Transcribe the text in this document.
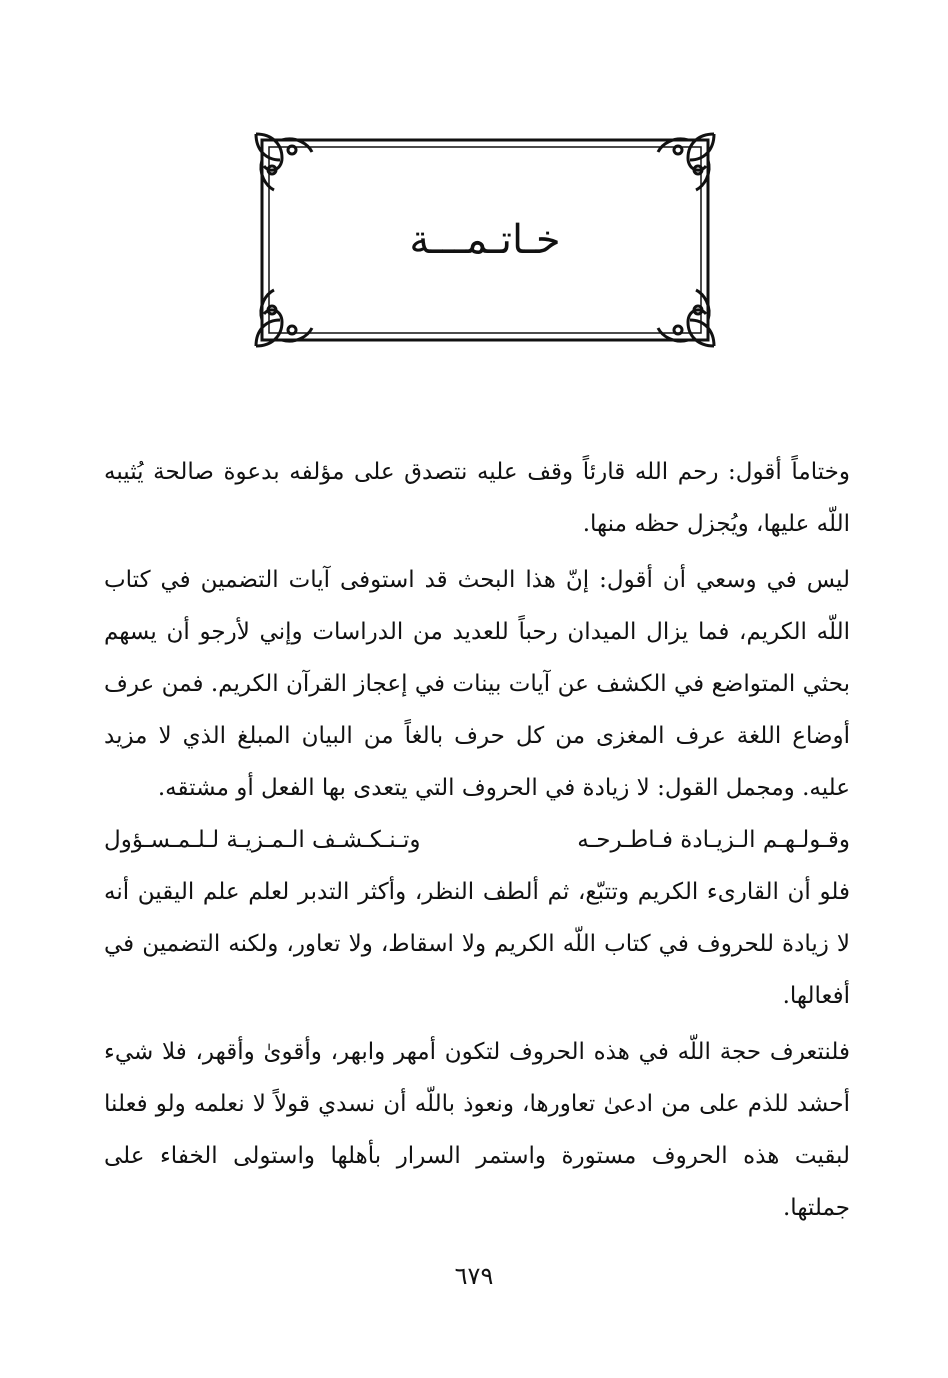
خـاتـمـــة

وختاماً أقول: رحم الله قارئاً وقف عليه نتصدق على مؤلفه بدعوة صالحة يُثيبه اللّه عليها، ويُجزل حظه منها.

ليس في وسعي أن أقول: إنّ هذا البحث قد استوفى آيات التضمين في كتاب اللّه الكريم، فما يزال الميدان رحباً للعديد من الدراسات وإني لأرجو أن يسهم بحثي المتواضع في الكشف عن آيات بينات في إعجاز القرآن الكريم. فمن عرف أوضاع اللغة عرف المغزى من كل حرف بالغاً من البيان المبلغ الذي لا مزيد عليه. ومجمل القول: لا زيادة في الحروف التي يتعدى بها الفعل أو مشتقه.

وقـولـهـم الـزيـادة فـاطـرحـه
وتـنـكـشـف الـمـزيـة لـلـمـسـؤول

فلو أن القارىء الكريم وتتبّع، ثم ألطف النظر، وأكثر التدبر لعلم علم اليقين أنه لا زيادة للحروف في كتاب اللّه الكريم ولا اسقاط، ولا تعاور، ولكنه التضمين في أفعالها.

فلنتعرف حجة اللّه في هذه الحروف لتكون أمهر وابهر، وأقوىٰ وأقهر، فلا شيء أحشد للذم على من ادعىٰ تعاورها، ونعوذ باللّه أن نسدي قولاً لا نعلمه ولو فعلنا لبقيت هذه الحروف مستورة واستمر السرار بأهلها واستولى الخفاء على جملتها.

٦٧٩
